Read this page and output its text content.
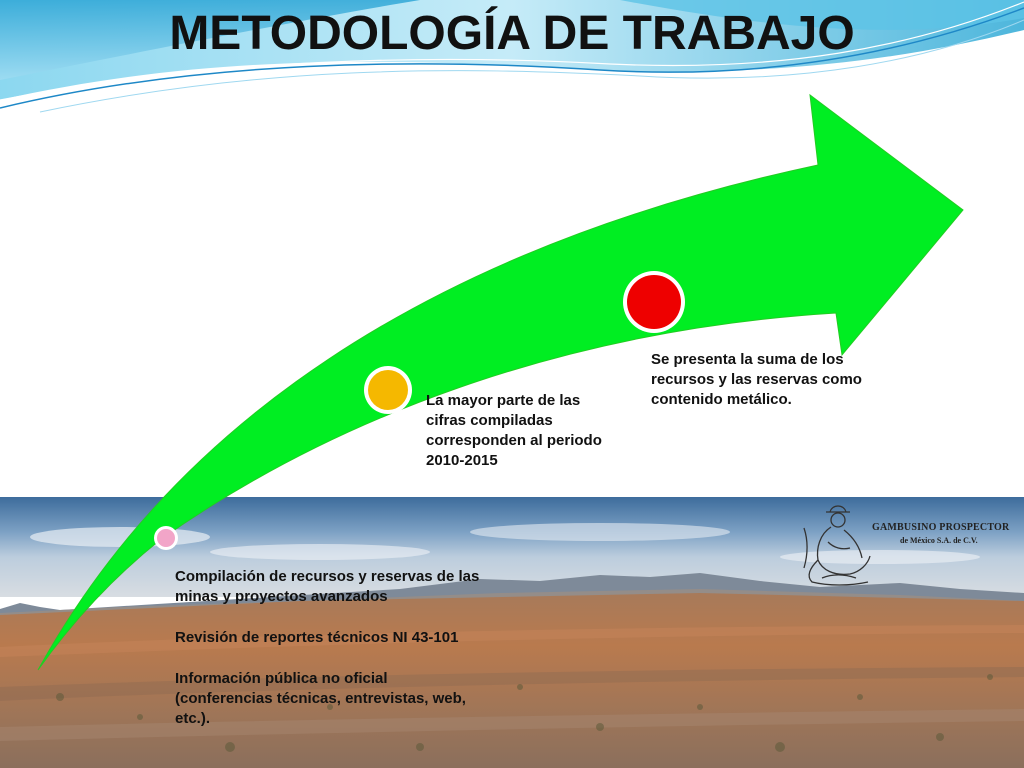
METODOLOGÍA DE TRABAJO

Compilación de recursos y reservas de las minas y proyectos avanzados

Revisión de reportes técnicos NI 43-101

Información pública no oficial (conferencias técnicas, entrevistas, web, etc.).

La mayor parte de las cifras compiladas corresponden al periodo 2010-2015
Se presenta la suma de los recursos y las reservas como contenido metálico.
GAMBUSINO PROSPECTOR
de México S.A. de C.V.
